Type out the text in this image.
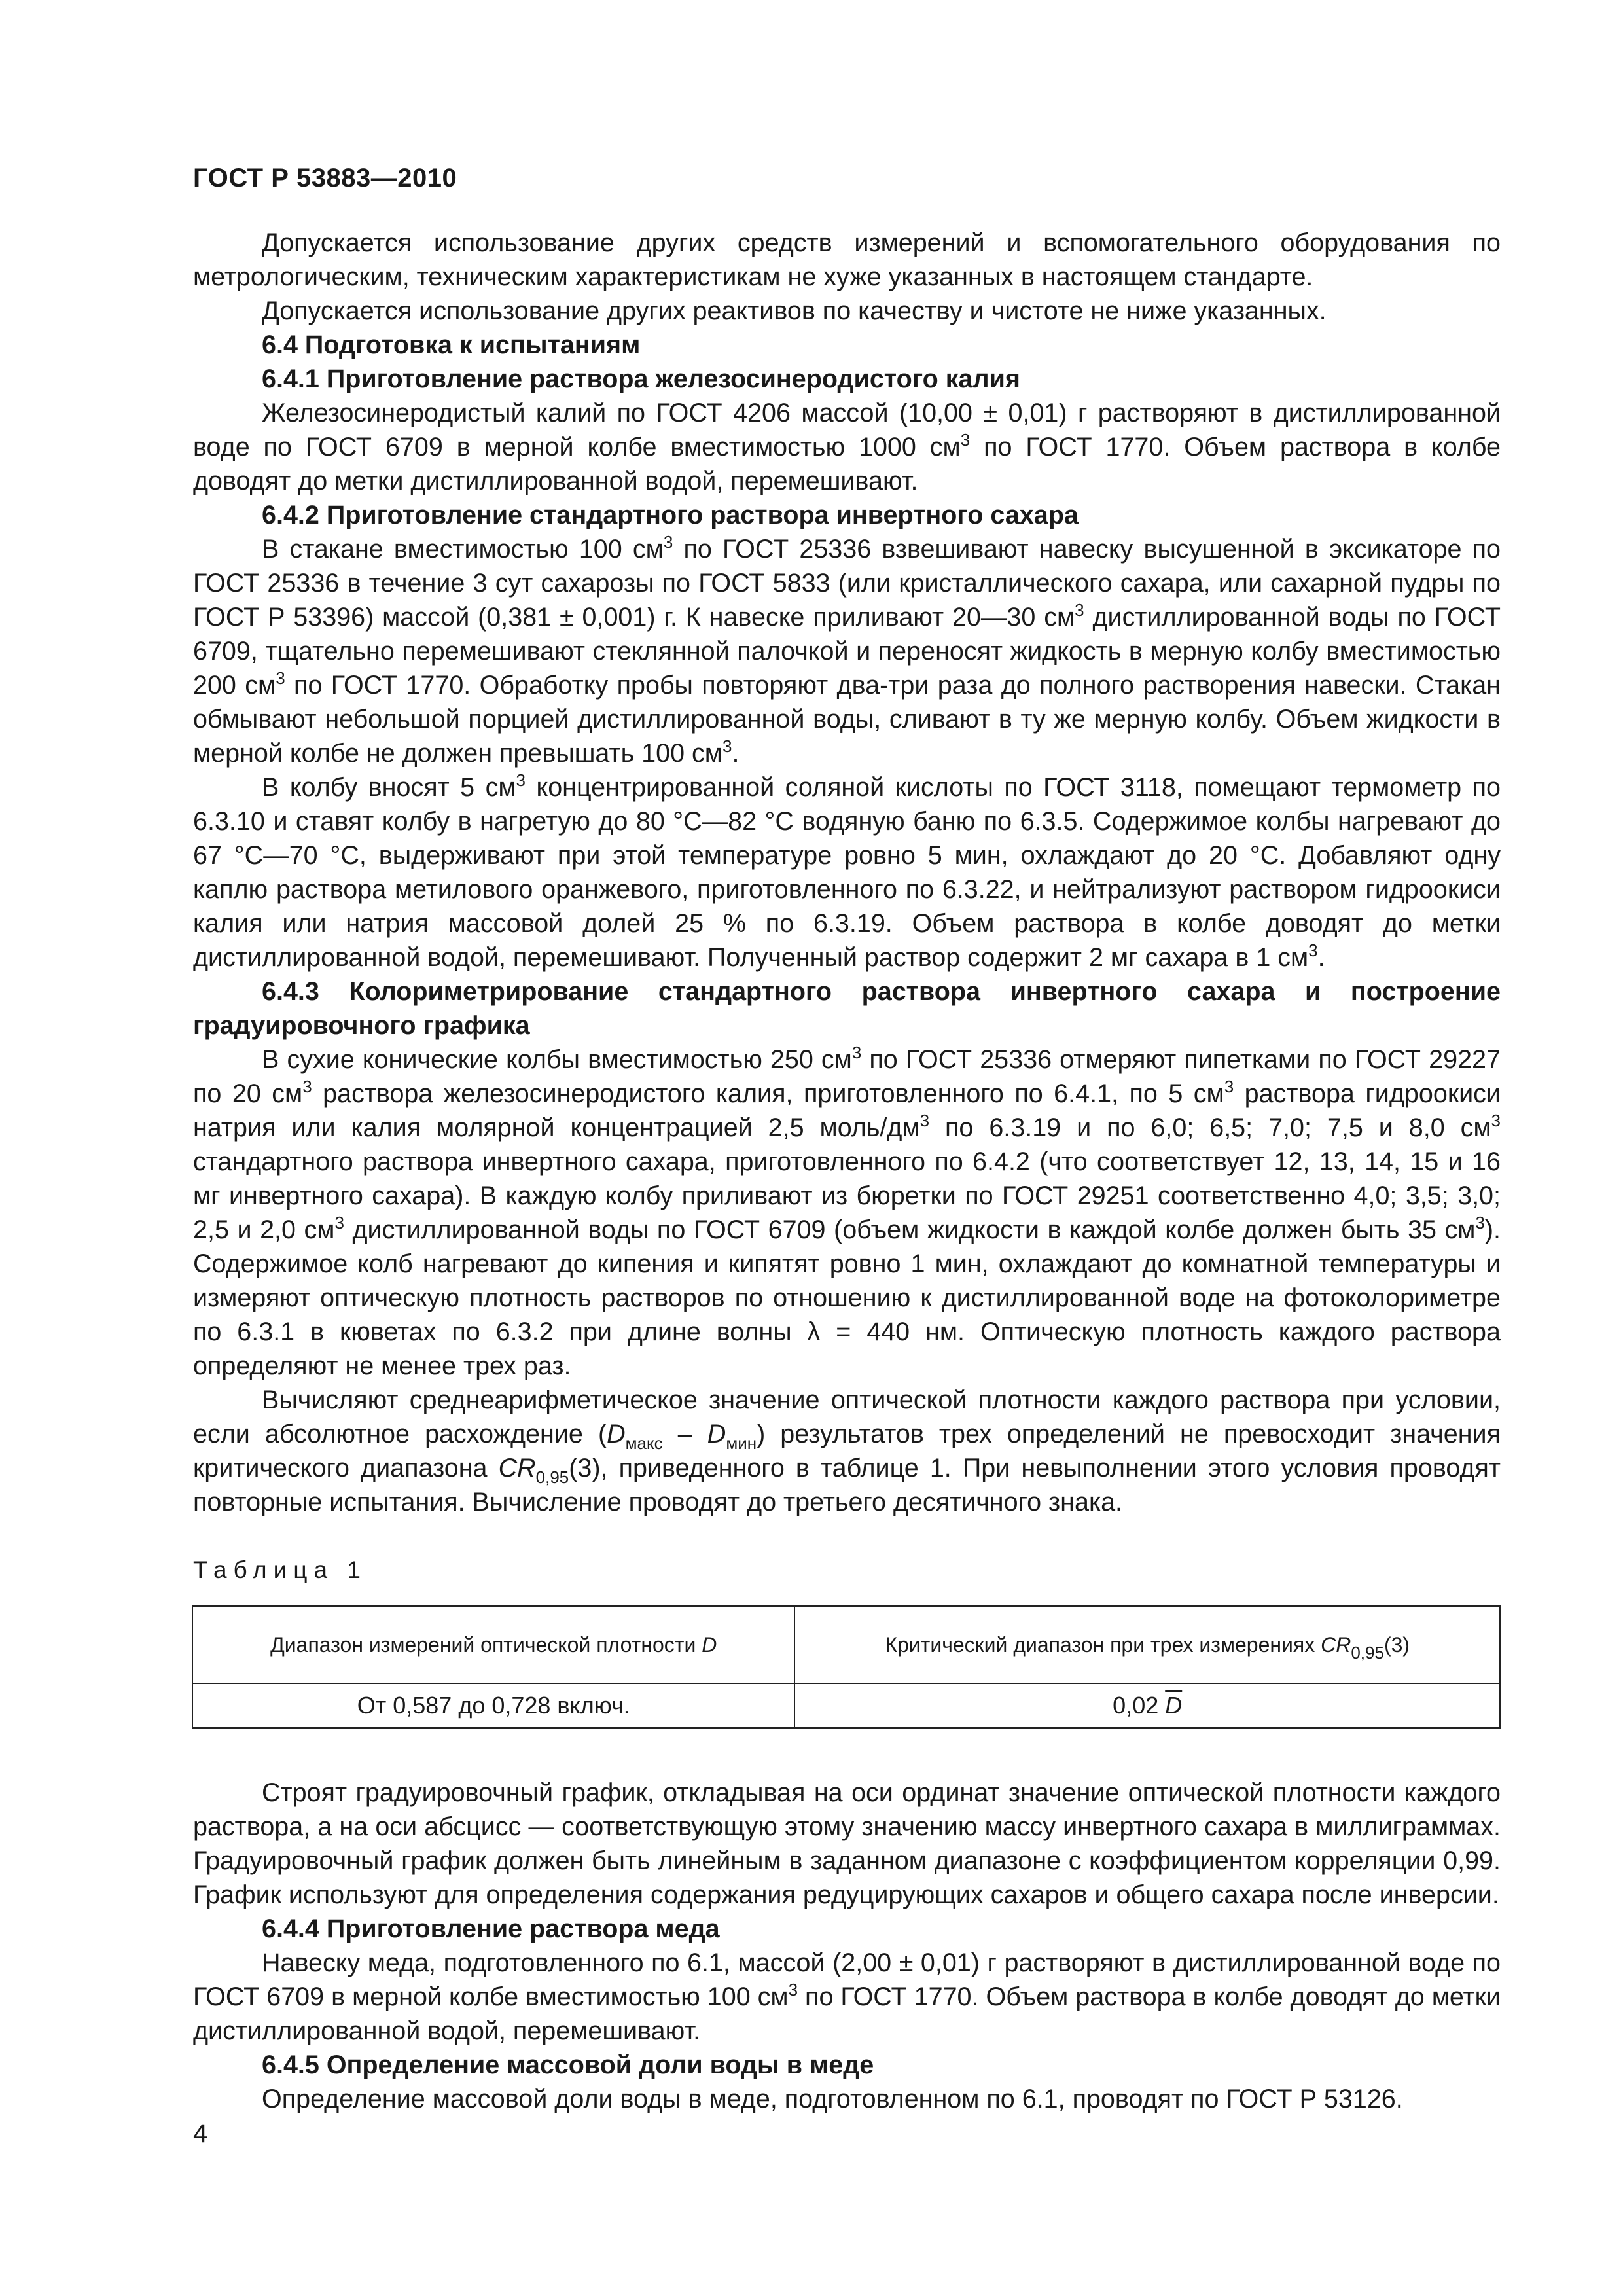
ГОСТ Р 53883—2010

Допускается использование других средств измерений и вспомогательного оборудования по метрологическим, техническим характеристикам не хуже указанных в настоящем стандарте.

Допускается использование других реактивов по качеству и чистоте не ниже указанных.

6.4 Подготовка к испытаниям

6.4.1 Приготовление раствора железосинеродистого калия

Железосинеродистый калий по ГОСТ 4206 массой (10,00 ± 0,01) г растворяют в дистиллированной воде по ГОСТ 6709 в мерной колбе вместимостью 1000 $см^3$ по ГОСТ 1770. Объем раствора в колбе доводят до метки дистиллированной водой, перемешивают.

6.4.2 Приготовление стандартного раствора инвертного сахара

В стакане вместимостью 100 $см^3$ по ГОСТ 25336 взвешивают навеску высушенной в эксикаторе по ГОСТ 25336 в течение 3 сут сахарозы по ГОСТ 5833 (или кристаллического сахара, или сахарной пудры по ГОСТ Р 53396) массой (0,381 ± 0,001) г. К навеске приливают 20—30 $см^3$ дистиллированной воды по ГОСТ 6709, тщательно перемешивают стеклянной палочкой и переносят жидкость в мерную колбу вместимостью 200 $см^3$ по ГОСТ 1770. Обработку пробы повторяют два-три раза до полного растворения навески. Стакан обмывают небольшой порцией дистиллированной воды, сливают в ту же мерную колбу. Объем жидкости в мерной колбе не должен превышать 100 $см^3$.

В колбу вносят 5 $см^3$ концентрированной соляной кислоты по ГОСТ 3118, помещают термометр по 6.3.10 и ставят колбу в нагретую до 80 °С—82 °С водяную баню по 6.3.5. Содержимое колбы нагревают до 67 °С—70 °С, выдерживают при этой температуре ровно 5 мин, охлаждают до 20 °С. Добавляют одну каплю раствора метилового оранжевого, приготовленного по 6.3.22, и нейтрализуют раствором гидроокиси калия или натрия массовой долей 25 % по 6.3.19. Объем раствора в колбе доводят до метки дистиллированной водой, перемешивают. Полученный раствор содержит 2 мг сахара в 1 $см^3$.

6.4.3 Колориметрирование стандартного раствора инвертного сахара и построение градуировочного графика

В сухие конические колбы вместимостью 250 $см^3$ по ГОСТ 25336 отмеряют пипетками по ГОСТ 29227 по 20 $см^3$ раствора железосинеродистого калия, приготовленного по 6.4.1, по 5 $см^3$ раствора гидроокиси натрия или калия молярной концентрацией 2,5 моль/$дм^3$ по 6.3.19 и по 6,0; 6,5; 7,0; 7,5 и 8,0 $см^3$ стандартного раствора инвертного сахара, приготовленного по 6.4.2 (что соответствует 12, 13, 14, 15 и 16 мг инвертного сахара). В каждую колбу приливают из бюретки по ГОСТ 29251 соответственно 4,0; 3,5; 3,0; 2,5 и 2,0 $см^3$ дистиллированной воды по ГОСТ 6709 (объем жидкости в каждой колбе должен быть 35 $см^3$). Содержимое колб нагревают до кипения и кипятят ровно 1 мин, охлаждают до комнатной температуры и измеряют оптическую плотность растворов по отношению к дистиллированной воде на фотоколориметре по 6.3.1 в кюветах по 6.3.2 при длине волны λ = 440 нм. Оптическую плотность каждого раствора определяют не менее трех раз.

Вычисляют среднеарифметическое значение оптической плотности каждого раствора при условии, если абсолютное расхождение $(D_{макс} - D_{мин})$ результатов трех определений не превосходит значения критического диапазона $CR_{0,95}(3)$, приведенного в таблице 1. При невыполнении этого условия проводят повторные испытания. Вычисление проводят до третьего десятичного знака.

Таблица 1

Диапазон измерений оптической плотности D	Критический диапазон при трех измерениях $CR_{0,95}(3)$
От 0,587 до 0,728 включ.	0,02 $\overline{D}$

Строят градуировочный график, откладывая на оси ординат значение оптической плотности каждого раствора, а на оси абсцисс — соответствующую этому значению массу инвертного сахара в миллиграммах. Градуировочный график должен быть линейным в заданном диапазоне с коэффициентом корреляции 0,99. График используют для определения содержания редуцирующих сахаров и общего сахара после инверсии.

6.4.4 Приготовление раствора меда

Навеску меда, подготовленного по 6.1, массой (2,00 ± 0,01) г растворяют в дистиллированной воде по ГОСТ 6709 в мерной колбе вместимостью 100 $см^3$ по ГОСТ 1770. Объем раствора в колбе доводят до метки дистиллированной водой, перемешивают.

6.4.5 Определение массовой доли воды в меде

Определение массовой доли воды в меде, подготовленном по 6.1, проводят по ГОСТ Р 53126.

4
